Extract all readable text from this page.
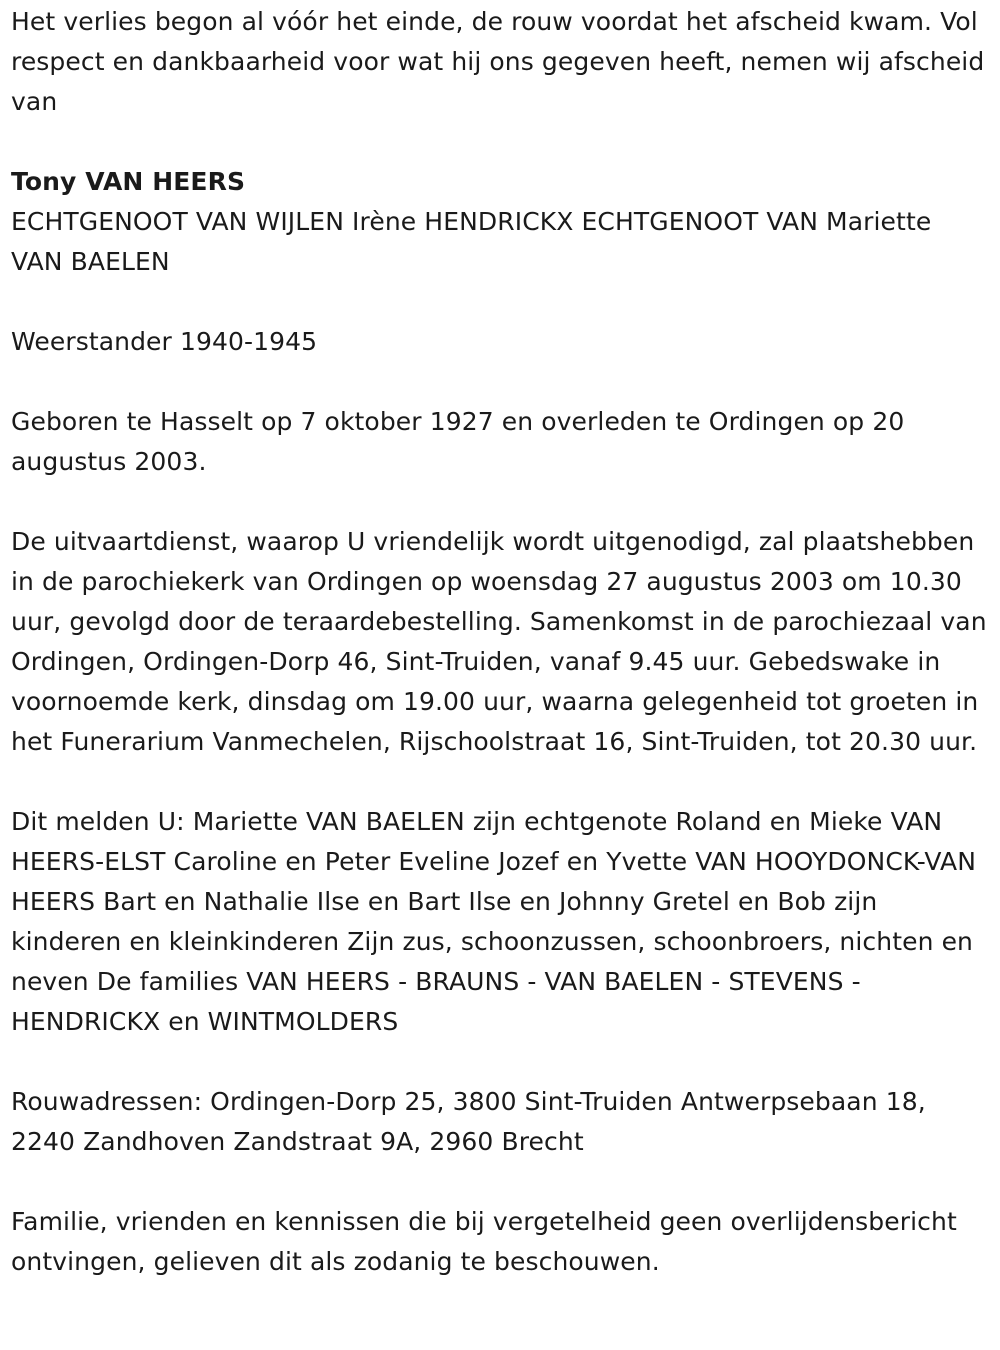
Het verlies begon al vóór het einde, de rouw voordat het afscheid kwam. Vol respect en dankbaarheid voor wat hij ons gegeven heeft, nemen wij afscheid van

Tony VAN HEERS

ECHTGENOOT VAN WIJLEN Irène HENDRICKX ECHTGENOOT VAN Mariette VAN BAELEN

Weerstander 1940-1945

Geboren te Hasselt op 7 oktober 1927 en overleden te Ordingen op 20 augustus 2003.

De uitvaartdienst, waarop U vriendelijk wordt uitgenodigd, zal plaatshebben in de parochiekerk van Ordingen op woensdag 27 augustus 2003 om 10.30 uur, gevolgd door de teraardebestelling. Samenkomst in de parochiezaal van Ordingen, Ordingen-Dorp 46, Sint-Truiden, vanaf 9.45 uur. Gebedswake in voornoemde kerk, dinsdag om 19.00 uur, waarna gelegenheid tot groeten in het Funerarium Vanmechelen, Rijschoolstraat 16, Sint-Truiden, tot 20.30 uur.

Dit melden U: Mariette VAN BAELEN zijn echtgenote Roland en Mieke VAN HEERS-ELST Caroline en Peter Eveline Jozef en Yvette VAN HOOYDONCK-VAN HEERS Bart en Nathalie Ilse en Bart Ilse en Johnny Gretel en Bob zijn kinderen en kleinkinderen Zijn zus, schoonzussen, schoonbroers, nichten en neven De families VAN HEERS - BRAUNS - VAN BAELEN - STEVENS - HENDRICKX en WINTMOLDERS

Rouwadressen: Ordingen-Dorp 25, 3800 Sint-Truiden Antwerpsebaan 18, 2240 Zandhoven Zandstraat 9A, 2960 Brecht

Familie, vrienden en kennissen die bij vergetelheid geen overlijdensbericht ontvingen, gelieven dit als zodanig te beschouwen.
